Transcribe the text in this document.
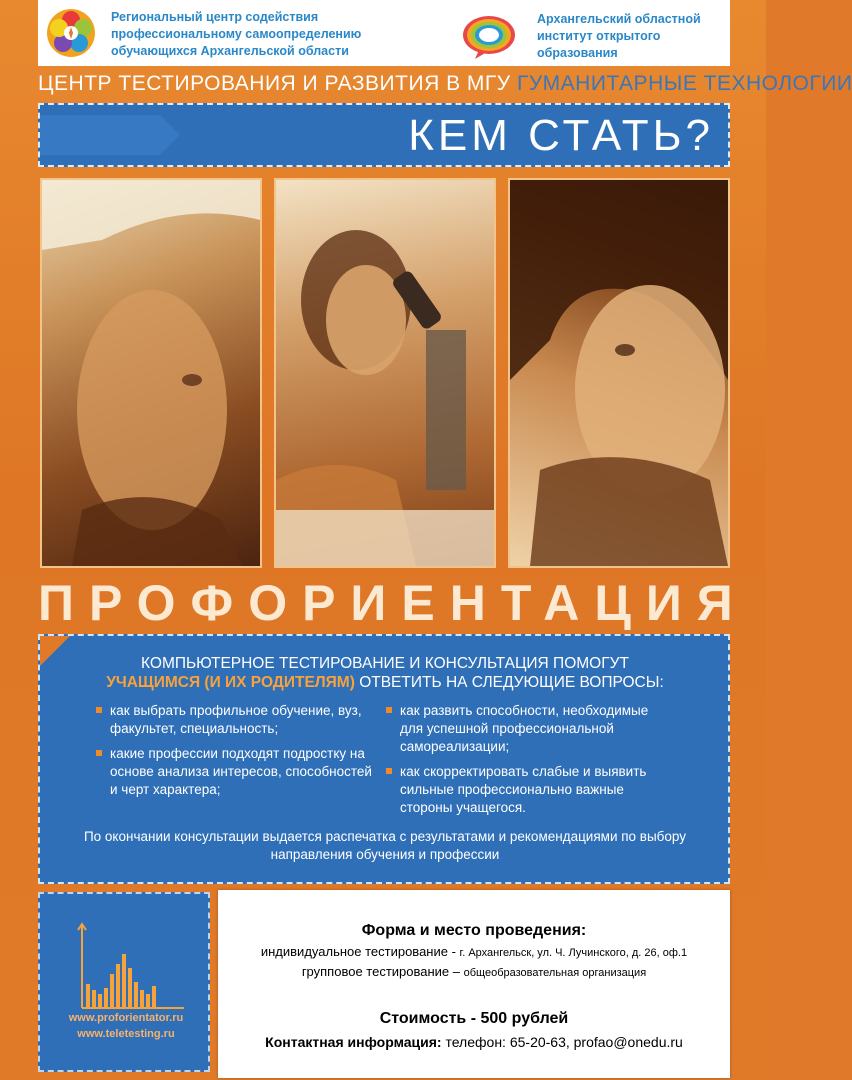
Региональный центр содействия профессиональному самоопределению обучающихся Архангельской области
Архангельский областной институт открытого образования
ЦЕНТР ТЕСТИРОВАНИЯ И РАЗВИТИЯ В МГУ ГУМАНИТАРНЫЕ ТЕХНОЛОГИИ
КЕМ СТАТЬ?
ПРОФОРИЕНТАЦИЯ
КОМПЬЮТЕРНОЕ ТЕСТИРОВАНИЕ И КОНСУЛЬТАЦИЯ ПОМОГУТ
УЧАЩИМСЯ (И ИХ РОДИТЕЛЯМ) ОТВЕТИТЬ НА СЛЕДУЮЩИЕ ВОПРОСЫ:
как выбрать профильное обучение, вуз, факультет, специальность;
какие профессии подходят подростку на основе анализа интересов, способностей и черт характера;
как развить способности, необходимые для успешной профессиональной самореализации;
как скорректировать слабые и выявить сильные профессионально важные стороны учащегося.
По окончании консультации выдается распечатка с результатами и рекомендациями по выбору направления обучения и профессии
www.proforientator.ru
www.teletesting.ru
Форма и место проведения:
индивидуальное тестирование - г. Архангельск, ул. Ч. Лучинского, д. 26, оф.1
групповое тестирование – общеобразовательная организация
Стоимость - 500 рублей
Контактная информация: телефон: 65-20-63, profao@onedu.ru
